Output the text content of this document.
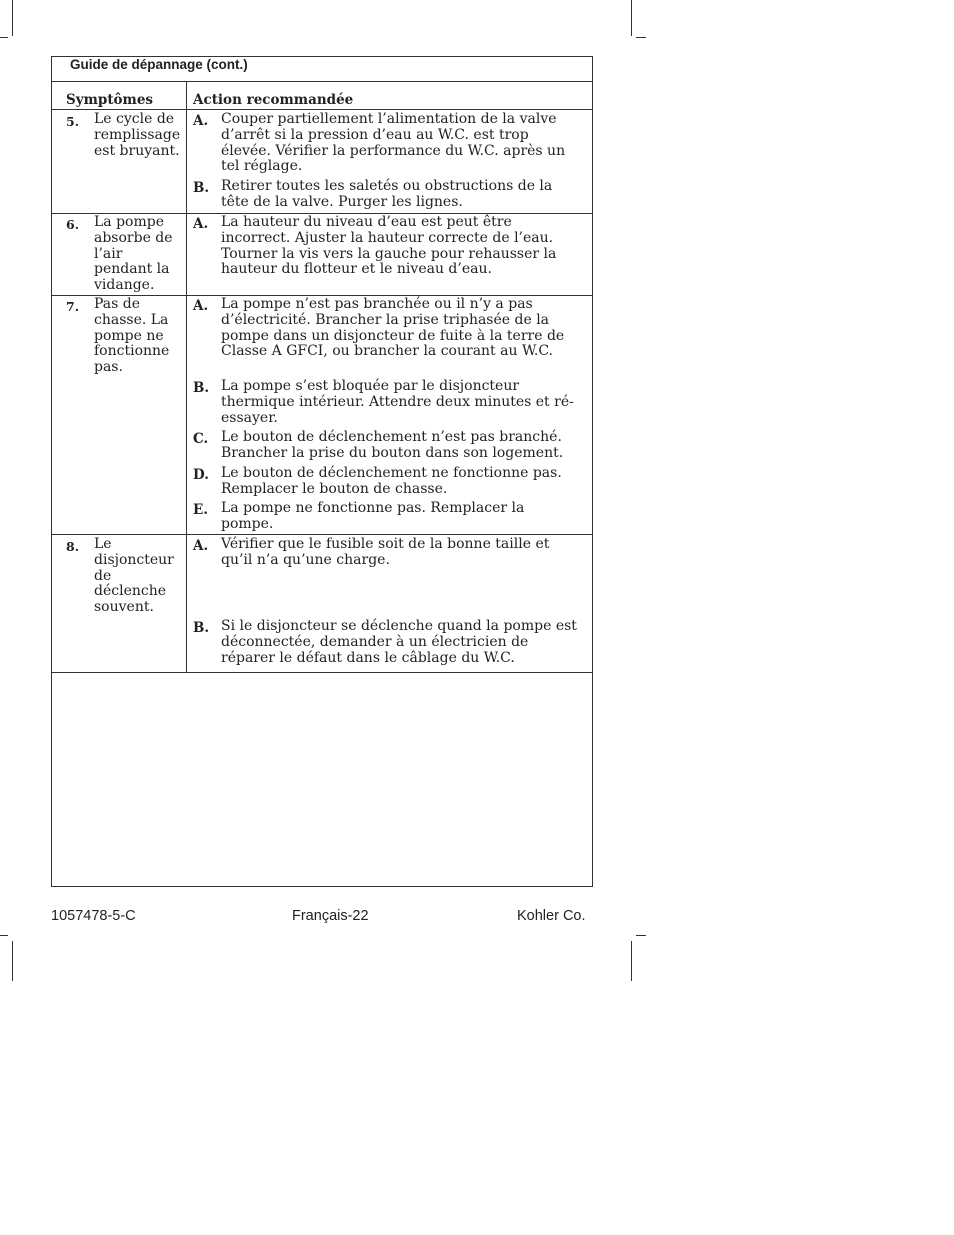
Guide de dépannage (cont.)
Symptômes	Action recommandée
5. Le cycle de remplissage est bruyant.
A. Couper partiellement l’alimentation de la valve d’arrêt si la pression d’eau au W.C. est trop élevée. Vérifier la performance du W.C. après un tel réglage.
B. Retirer toutes les saletés ou obstructions de la tête de la valve. Purger les lignes.
6. La pompe absorbe de l’air pendant la vidange.
A. La hauteur du niveau d’eau est peut être incorrect. Ajuster la hauteur correcte de l’eau. Tourner la vis vers la gauche pour rehausser la hauteur du flotteur et le niveau d’eau.
7. Pas de chasse. La pompe ne fonctionne pas.
A. La pompe n’est pas branchée ou il n’y a pas d’électricité. Brancher la prise triphasée de la pompe dans un disjoncteur de fuite à la terre de Classe A GFCI, ou brancher la courant au W.C.
B. La pompe s’est bloquée par le disjoncteur thermique intérieur. Attendre deux minutes et ré-essayer.
C. Le bouton de déclenchement n’est pas branché. Brancher la prise du bouton dans son logement.
D. Le bouton de déclenchement ne fonctionne pas. Remplacer le bouton de chasse.
E. La pompe ne fonctionne pas. Remplacer la pompe.
8. Le disjoncteur de déclenche souvent.
A. Vérifier que le fusible soit de la bonne taille et qu’il n’a qu’une charge.
B. Si le disjoncteur se déclenche quand la pompe est déconnectée, demander à un électricien de réparer le défaut dans le câblage du W.C.
1057478-5-C	Français-22	Kohler Co.
